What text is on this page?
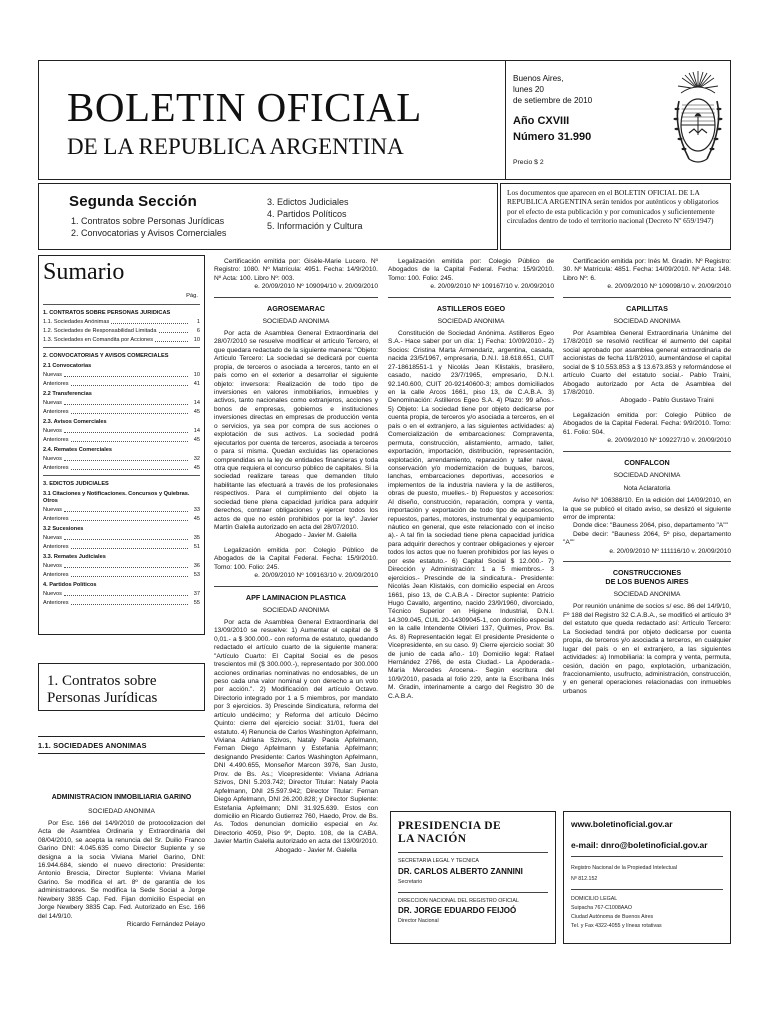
BOLETIN OFICIAL
DE LA REPUBLICA ARGENTINA
Buenos Aires,
lunes 20
de setiembre de 2010
Año CXVIII
Número 31.990
Precio $ 2
Segunda Sección
1. Contratos sobre Personas Jurídicas
2. Convocatorias y Avisos Comerciales
3. Edictos Judiciales
4. Partidos Políticos
5. Información y Cultura
Los documentos que aparecen en el BOLETIN OFICIAL DE LA REPUBLICA ARGENTINA serán tenidos por auténticos y obligatorios por el efecto de esta publicación y por comunicados y suficientemente circulados dentro de todo el territorio nacional (Decreto Nº 659/1947)
Sumario
Pág.
1. CONTRATOS SOBRE PERSONAS JURIDICAS
1.1. Sociedades Anónimas	1
1.2. Sociedades de Responsabilidad Limitada	6
1.3. Sociedades en Comandita por Acciones	10
2. CONVOCATORIAS Y AVISOS COMERCIALES
2.1 Convocatorias
Nuevas	10
Anteriores	41
2.2 Transferencias
Nuevas	14
Anteriores	45
2.3. Avisos Comerciales
Nuevos	14
Anteriores	45
2.4. Remates Comerciales
Nuevos	32
Anteriores	45
3. EDICTOS JUDICIALES
3.1 Citaciones y Notificaciones. Concursos y Quiebras. Otros
Nuevas	33
Anteriores	45
3.2 Sucesiones
Nuevas	35
Anteriores	51
3.3. Remates Judiciales
Nuevos	36
Anteriores	53
4. Partidos Políticos
Nuevos	37
Anteriores	55
1. Contratos sobre
Personas Jurídicas
1.1. SOCIEDADES ANONIMAS
ADMINISTRACION INMOBILIARIA GARINO
SOCIEDAD ANONIMA
Por Esc. 166 del 14/9/2010 de protocolizacion del Acta de Asamblea Ordinaria y Extraordinaria del 08/04/2010, se acepta la renuncia del Sr. Duilio Franco Garino DNI: 4.045.635 como Director Suplente y se designa a la socia Viviana Mariel Garino, DNI: 16.944.684, siendo el nuevo directorio: Presidente: Antonio Brescia, Director Suplente: Viviana Mariel Garino. Se modifica el art. 8º de garantía de los administradores. Se modifica la Sede Social a Jorge Newbery 3835 Cap. Fed. Fijan domicilio Especial en Jorge Newbery 3835 Cap. Fed. Autorizado en Esc. 166 del 14/9/10.
Ricardo Fernández Pelayo
Certificación emitida por: Gisèle-Marie Lucero. Nº Registro: 1080. Nº Matrícula: 4951. Fecha: 14/9/2010. Nº Acta: 100. Libro Nº: 003.
e. 20/09/2010 Nº 109094/10 v. 20/09/2010
AGROSEMARAC
SOCIEDAD ANONIMA
Por acta de Asamblea General Extraordinaria del 28/07/2010 se resuelve modificar el artículo Tercero, el que quedara redactado de la siguiente manera: "Objeto: Artículo Tercero: La sociedad se dedicará por cuenta propia, de terceros o asociada a terceros, tanto en el país como en el exterior a desarrollar el siguiente objeto: inversora: Realización de todo tipo de inversiones en valores inmobiliarios, inmuebles y activos, tanto nacionales como extranjeros, acciones y bonos de empresas, gobiernos e instituciones inversiones directas en empresas de producción venta o servicios, ya sea por compra de sus acciones o explotación de sus activos. La sociedad podrá ejecutarlos por cuenta de terceros, asociada a terceros o para sí misma. Quedan excluidas las operaciones comprendidas en la ley de entidades financieras y toda otra que requiera el concurso público de capitales. Si la sociedad realizare tareas que demanden título habilitante las efectuará a través de los profesionales respectivos. Para el cumplimiento del objeto la sociedad tiene plena capacidad jurídica para adquirir derechos, contraer obligaciones y ejercer todos los actos de que no estén prohibidos por la ley". Javier Martín Galella autorizado en acta del 28/07/2010.
Abogado - Javier M. Galella
Legalización emitida por: Colegio Público de Abogados de la Capital Federal. Fecha: 15/9/2010. Tomo: 100. Folio: 245.
e. 20/09/2010 Nº 109163/10 v. 20/09/2010
APF LAMINACION PLASTICA
SOCIEDAD ANONIMA
Por acta de Asamblea General Extraordinaria del 13/09/2010 se resuelve: 1) Aumentar el capital de $ 0,01.- a $ 300.000.- con reforma de estatuto, quedando redactado el artículo cuarto de la siguiente manera: "Artículo Cuarto: El Capital Social es de pesos trescientos mil ($ 300.000.-), representado por 300.000 acciones ordinarias nominativas no endosables, de un peso cada una valor nominal y con derecho a un voto por acción.". 2) Modificación del artículo Octavo. Directorio integrado por 1 a 5 miembros, por mandato por 3 ejercicios. 3) Prescinde Sindicatura, reforma del artículo undécimo; y Reforma del artículo Décimo Quinto: cierre del ejercicio social: 31/01, fuera del estatuto. 4) Renuncia de Carlos Washington Apfelmann, Viviana Adriana Szivos, Nataly Paola Apfelmann, Fernan Diego Apfelmann y Estefania Apfelmann; designando Presidente: Carlos Washington Apfelmann, DNI 4.490.655, Monseñor Marcon 3976, San Justo, Prov. de Bs. As.; Vicepresidente: Viviana Adriana Szivos, DNI 5.203.742; Director Titular: Nataly Paola Apfelmann, DNI 25.597.942; Director Titular: Fernan Diego Apfelmann, DNI 26.200.828; y Director Suplente: Estefania Apfelmann; DNI 31.925.639. Estos con domicilio en Ricardo Gutierrez 760, Haedo, Prov. de Bs. As. Todos denuncian domicilio especial en Av. Directorio 4059, Piso 9º, Depto. 108, de la CABA. Javier Martín Galella autorizado en acta del 13/09/2010.
Abogado - Javier M. Galella
Legalización emitida por: Colegio Público de Abogados de la Capital Federal. Fecha: 15/9/2010. Tomo: 100. Folio: 245.
e. 20/09/2010 Nº 109167/10 v. 20/09/2010
ASTILLEROS EGEO
SOCIEDAD ANONIMA
Constitución de Sociedad Anónima. Astilleros Egeo S.A.- Hace saber por un día: 1) Fecha: 10/09/2010.- 2) Socios: Cristina Marta Armendariz, argentina, casada, nacida 23/5/1967, empresaria, D.N.I. 18.618.651, CUIT 27-18618551-1 y Nicolás Jean Klistakis, brasilero, casado, nacido 23/7/1965, empresario, D.N.I. 92.140.600, CUIT 20-92140600-3; ambos domiciliados en la calle Arcos 1661, piso 13, de C.A.B.A. 3) Denominación: Astilleros Egeo S.A. 4) Plazo: 99 años.- 5) Objeto: La sociedad tiene por objeto dedicarse por cuenta propia, de terceros y/o asociada a terceros, en el país o en el extranjero, a las siguientes actividades: a) Comercialización de embarcaciones: Compraventa, permuta, construcción, alistamiento, armado, taller, exportación, importación, distribución, representación, explotación, arrendamiento, reparación y taller naval, conservación y/o modernización de buques, barcos, lanchas, embarcaciones deportivas, accesorios e implementos de la industria naviera y la de astilleros, obras de puesto, muelles.- b) Repuestos y accesorios: Al diseño, construcción, reparación, compra y venta, importación y exportación de todo tipo de accesorios, repuestos, partes, motores, instrumental y equipamiento náutico en general, que este relacionado con el inciso a).- A tal fin la sociedad tiene plena capacidad jurídica para adquirir derechos y contraer obligaciones y ejercer todos los actos que no fueren prohibidos por las leyes o por este estatuto.- 6) Capital Social $ 12.000.- 7) Dirección y Administración: 1 a 5 miembros.- 3 ejercicios.- Prescinde de la sindicatura.- Presidente: Nicolás Jean Klistakis, con domicilio especial en Arcos 1661, piso 13, de C.A.B.A - Director suplente: Patricio Hugo Cavallo, argentino, nacido 23/9/1960, divorciado, Técnico Superior en Higiene Industrial, D.N.I. 14.309.045, CUIL 20-14309045-1, con domicilio especial en la calle Intendente Olivieri 137, Quilmes, Prov. Bs. As. 8) Representación legal: El presidente Presidente o Vicepresidente, en su caso. 9) Cierre ejercicio social: 30 de junio de cada año.- 10) Domicilio legal: Rafael Hernández 2766, de esta Ciudad.- La Apoderada.- María Mercedes Arocena.- Según escritura del 10/9/2010, pasada al folio 229, ante la Escribana Inés M. Gradin, interinamente a cargo del Registro 30 de C.A.B.A.
Certificación emitida por: Inés M. Gradin. Nº Registro: 30. Nº Matrícula: 4851. Fecha: 14/09/2010. Nº Acta: 148. Libro Nº: 6.
e. 20/09/2010 Nº 109098/10 v. 20/09/2010
CAPILLITAS
SOCIEDAD ANONIMA
Por Asamblea General Extraordinaria Unánime del 17/8/2010 se resolvió rectificar el aumento del capital social aprobado por asamblea general extraordinaria de accionistas de fecha 11/8/2010, aumentándose el capital social de $ 10.553.853 a $ 13.673.853 y reformándose el artículo Cuarto del estatuto social.- Pablo Traini, Abogado autorizado por Acta de Asamblea del 17/8/2010.
Abogado - Pablo Gustavo Traini
Legalización emitida por: Colegio Público de Abogados de la Capital Federal. Fecha: 9/9/2010. Tomo: 61. Folio: 504.
e. 20/09/2010 Nº 109227/10 v. 20/09/2010
CONFALCON
SOCIEDAD ANONIMA
Nota Aclaratoria
Aviso Nº 106388/10. En la edición del 14/09/2010, en la que se publicó el citado aviso, se deslizó el siguiente error de imprenta:
Donde dice: "Bauness 2064, piso, departamento "A""
Debe decir: "Bauness 2064, 5º piso, departamento "A""
e. 20/09/2010 Nº 111116/10 v. 20/09/2010
CONSTRUCCIONES
DE LOS BUENOS AIRES
SOCIEDAD ANONIMA
Por reunión unánime de socios s/ esc. 86 del 14/9/10, Fº 188 del Registro 32 C.A.B.A., se modificó el artículo 3º del estatuto que queda redactado así: Artículo Tercero: La Sociedad tendrá por objeto dedicarse por cuenta propia, de terceros y/o asociada a terceros, en cualquier lugar del país o en el extranjero, a las siguientes actividades: a) Inmobiliaria: la compra y venta, permuta, cesión, dación en pago, explotación, urbanización, fraccionamiento, usufructo, administración, construcción, y en general operaciones relacionadas con inmuebles urbanos
PRESIDENCIA DE
LA NACIÓN
SECRETARIA LEGAL Y TECNICA
DR. CARLOS ALBERTO ZANNINI
Secretario
DIRECCION NACIONAL DEL REGISTRO OFICIAL
DR. JORGE EDUARDO FEIJOÓ
Director Nacional
www.boletinoficial.gov.ar
e-mail: dnro@boletinoficial.gov.ar
Registro Nacional de la Propiedad Intelectual
Nº 812.152
DOMICILIO LEGAL
Suipacha 767-C1008AAO
Ciudad Autónoma de Buenos Aires
Tel. y Fax 4322-4055 y líneas rotativas
